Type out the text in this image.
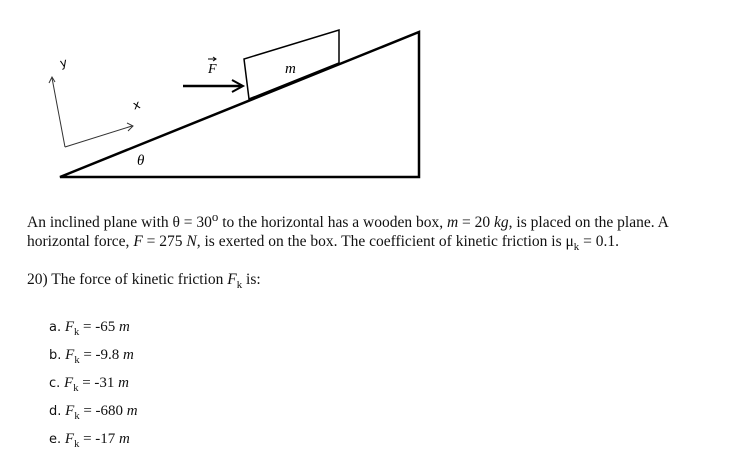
m
F
y
x
θ

An inclined plane with $\theta = 30^o$ to the horizontal has a wooden box, m = 20 kg, is placed on the plane. A
horizontal force, F = 275 N, is exerted on the box. The coefficient of kinetic friction is $\mu_k = 0.1$.

20) The force of kinetic friction $F_k$ is:

a. $F_k = -65$ m
b. $F_k = -9.8$ m
c. $F_k = -31$ m
d. $F_k = -680$ m
e. $F_k = -17$ m
